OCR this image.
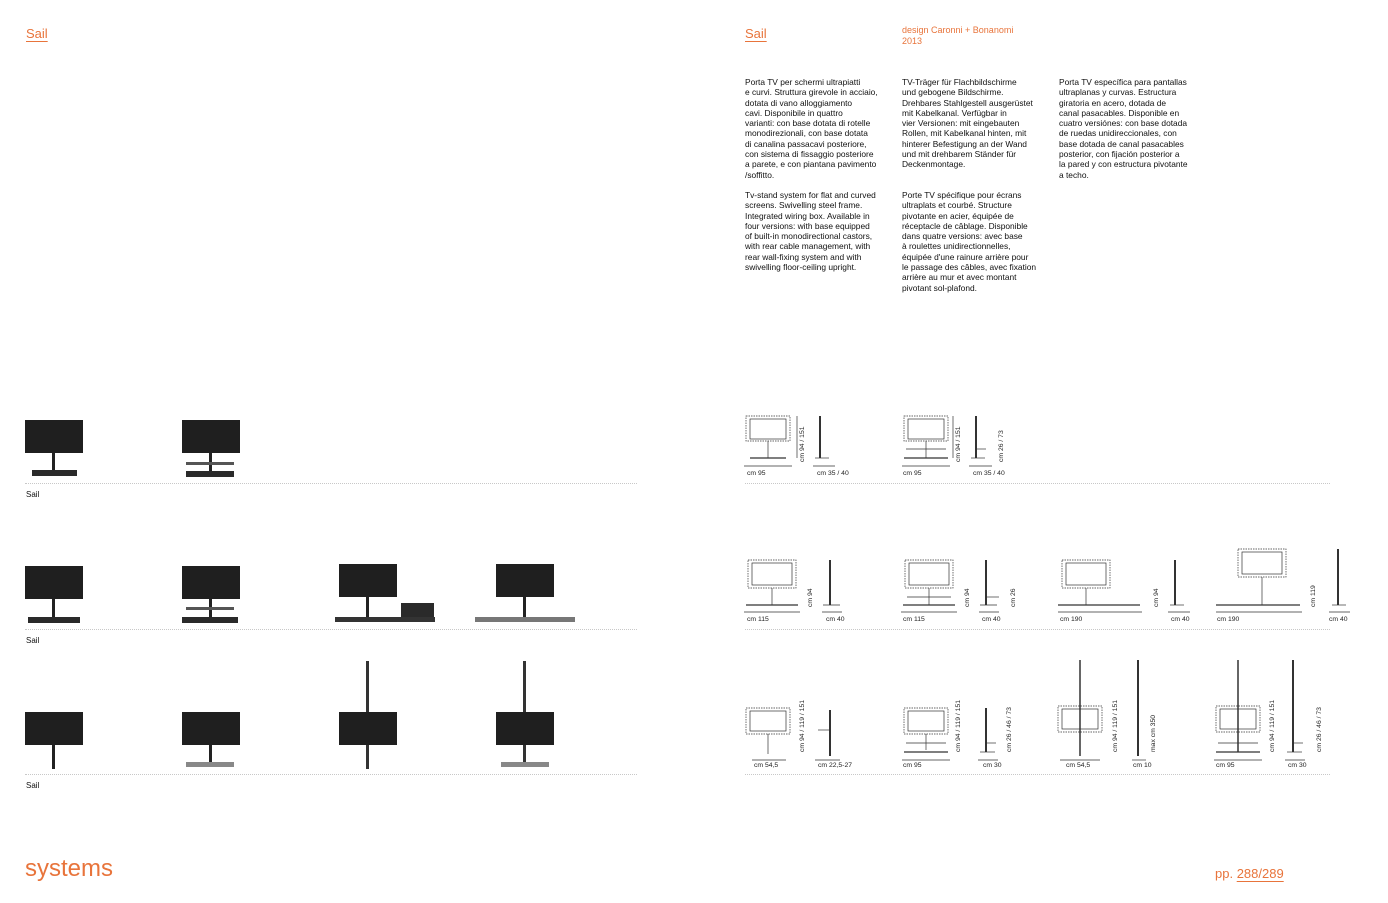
Sail
Sail
Sail
Sail
systems
Sail	design Caronni + Bonanomi
2013
Porta TV per schermi ultrapiatti
e curvi. Struttura girevole in acciaio,
dotata di vano alloggiamento
cavi. Disponibile in quattro
varianti: con base dotata di rotelle
monodirezionali, con base dotata
di canalina passacavi posteriore,
con sistema di fissaggio posteriore
a parete, e con piantana pavimento
/soffitto.
Tv-stand system for flat and curved
screens. Swivelling steel frame.
Integrated wiring box. Available in
four versions: with base equipped
of built-in monodirectional castors,
with rear cable management, with
rear wall-fixing system and with
swivelling floor-ceiling upright.
TV-Träger für Flachbildschirme
und gebogene Bildschirme.
Drehbares Stahlgestell ausgerüstet
mit Kabelkanal. Verfügbar in
vier Versionen: mit eingebauten
Rollen, mit Kabelkanal hinten, mit
hinterer Befestigung an der Wand
und mit drehbarem Ständer für
Deckenmontage.
Porte TV spécifique pour écrans
ultraplats et courbé. Structure
pivotante en acier, équipée de
réceptacle de câblage. Disponible
dans quatre versions: avec base
à roulettes unidirectionnelles,
équipée d'une rainure arrière pour
le passage des câbles, avec fixation
arrière au mur et avec montant
pivotant sol-plafond.
Porta TV específica para pantallas
ultraplanas y curvas. Estructura
giratoria en acero, dotada de
canal pasacables. Disponible en
cuatro versiónes: con base dotada
de ruedas unidireccionales, con
base dotada de canal pasacables
posterior, con fijación posterior a
la pared y con estructura pivotante
a techo.
cm 95	cm 35 / 40
cm 94 / 151
cm 95	cm 35 / 40
cm 94 / 151	cm 26 / 73
cm 115	cm 40
cm 94
cm 115	cm 40
cm 94	cm 26
cm 190	cm 40
cm 94
cm 190	cm 40
cm 119
cm 54,5	cm 22,5-27
cm 94 / 119 / 151
cm 95	cm 30
cm 94 / 119 / 151	cm 26 / 46 / 73
cm 54,5	cm 10
cm 94 / 119 / 151	max cm 350
cm 95	cm 30
cm 94 / 119 / 151	cm 26 / 46 / 73
pp. 288/289
